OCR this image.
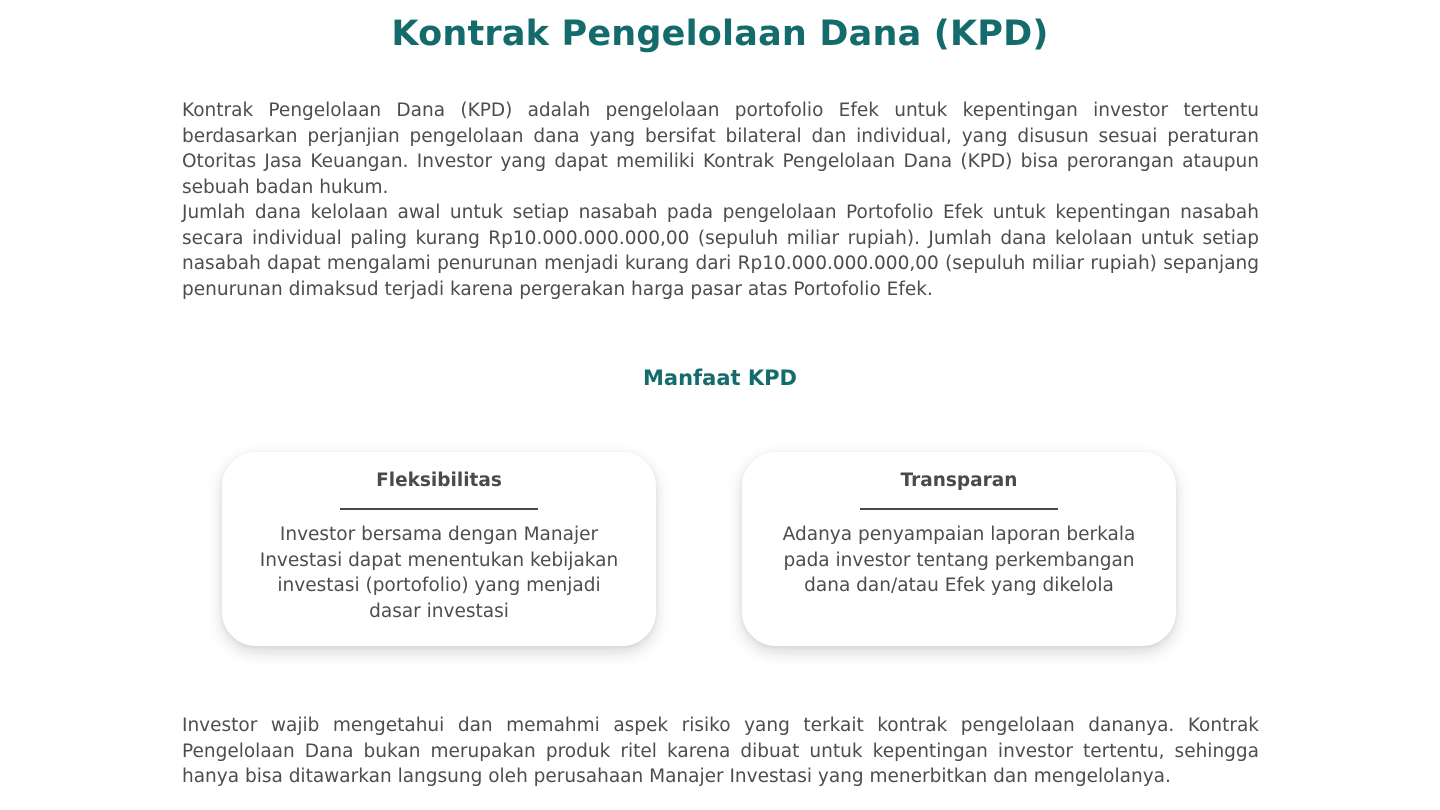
Kontrak Pengelolaan Dana (KPD)

Kontrak Pengelolaan Dana (KPD) adalah pengelolaan portofolio Efek untuk kepentingan investor tertentu berdasarkan perjanjian pengelolaan dana yang bersifat bilateral dan individual, yang disusun sesuai peraturan Otoritas Jasa Keuangan. Investor yang dapat memiliki Kontrak Pengelolaan Dana (KPD) bisa perorangan ataupun sebuah badan hukum.

Jumlah dana kelolaan awal untuk setiap nasabah pada pengelolaan Portofolio Efek untuk kepentingan nasabah secara individual paling kurang Rp10.000.000.000,00 (sepuluh miliar rupiah). Jumlah dana kelolaan untuk setiap nasabah dapat mengalami penurunan menjadi kurang dari Rp10.000.000.000,00 (sepuluh miliar rupiah) sepanjang penurunan dimaksud terjadi karena pergerakan harga pasar atas Portofolio Efek.

Manfaat KPD
Fleksibilitas

Investor bersama dengan Manajer Investasi dapat menentukan kebijakan investasi (portofolio) yang menjadi dasar investasi

Transparan

Adanya penyampaian laporan berkala pada investor tentang perkembangan dana dan/atau Efek yang dikelola

Investor wajib mengetahui dan memahmi aspek risiko yang terkait kontrak pengelolaan dananya. Kontrak Pengelolaan Dana bukan merupakan produk ritel karena dibuat untuk kepentingan investor tertentu, sehingga hanya bisa ditawarkan langsung oleh perusahaan Manajer Investasi yang menerbitkan dan mengelolanya.
